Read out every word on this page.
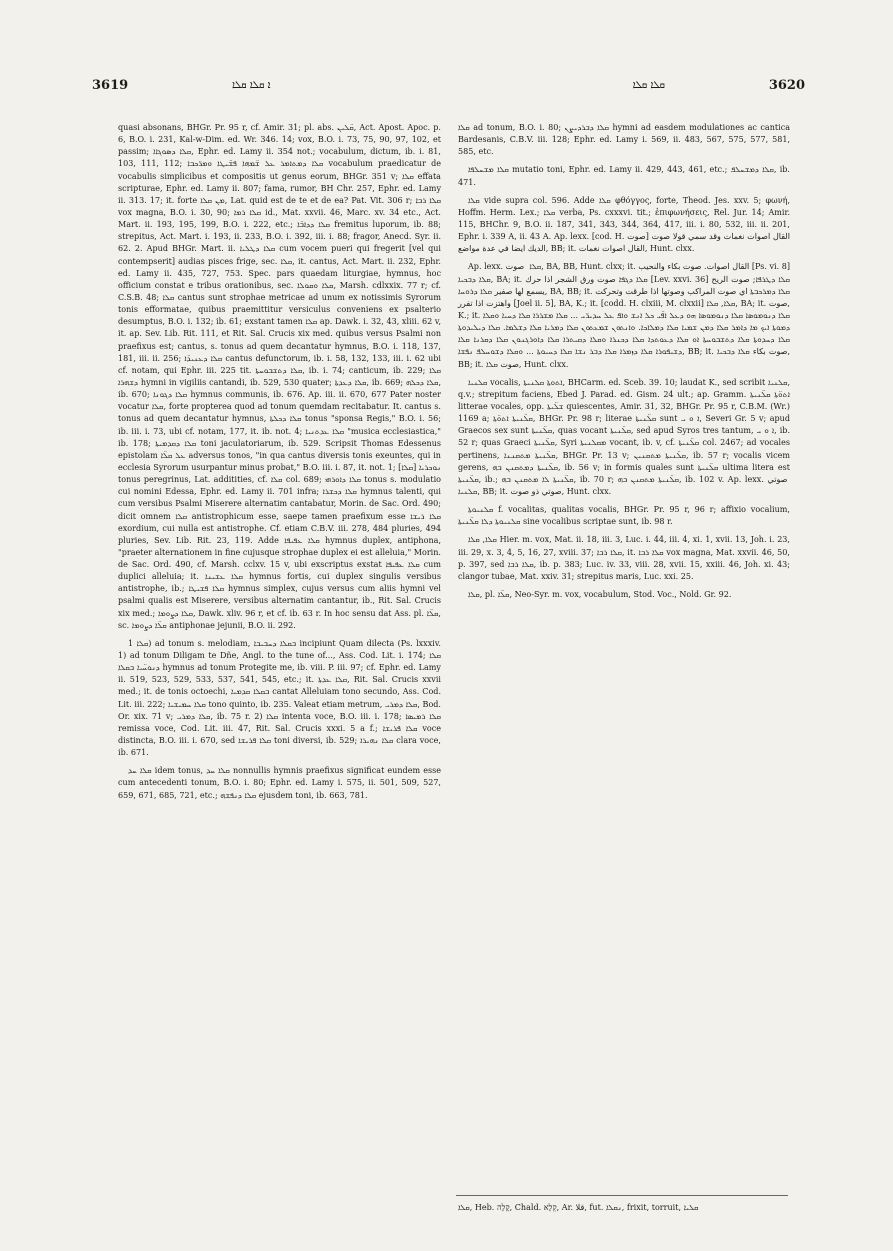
3619	ܐ ܩܠܐ ܩܠܐ	ܩܠܐ ܩܠܐ	3620

quasi absonans, BHGr. Pr. 95 r, cf. Amir. 31; pl. abs. ܩ̈ܠܝܢ, Act. Apost. Apoc. p. 6, B.O. i. 231, Kal-w-Dim. ed. Wr. 346. 14; vox, B.O. i. 73, 75, 90, 97, 102, et passim; ܩܠܐ ܕܣܘܓܐܐ, Ephr. ed. Lamy ii. 354 not.; vocabulum, dictum, ib. i. 81, 103, 111, 112; ܩܠܐ ܕܡܬܐܡܪ ܥܠ ܫ̈ܡܗܐ ܦܫ̈ܝܛܐ ܘܡܪ̈ܟܒܐ vocabulum praedicatur de vocabulis simplicibus et compositis ut genus eorum, BHGr. 351 v; ܩܠܐ effata scripturae, Ephr. ed. Lamy ii. 807; fama, rumor, BH Chr. 257, Ephr. ed. Lamy ii. 313. 17; it. forte ܡܢ ܩܠܐ, Lat. quid est de te et de ea? Pat. Vit. 306 r; ܩܠܐ ܪܒܐ vox magna, B.O. i. 30, 90; ܩܠܐ ܪܡܐ id., Mat. xxvii. 46, Marc. xv. 34 etc., Act. Mart. ii. 193, 195, 199, B.O. i. 222, etc.; ܩܠܐ ܕܕܐܒ̈ܐ fremitus luporum, ib. 88; strepitus, Act. Mart. i. 193, ii. 233, B.O. i. 392, iii. i. 88; fragor, Anecd. Syr. ii. 62. 2. Apud BHGr. Mart. ii. ܩܠܐ ܕܛܠܝܐ cum vocem pueri qui fregerit [vel qui contempserit] audias pisces frige, sec. ܩܠܐ, it. cantus, Act. Mart. ii. 232, Ephr. ed. Lamy ii. 435, 727, 753. Spec. pars quaedam liturgiae, hymnus, hoc officium constat e tribus orationibus, sec. ܩܠܐ ܘܩܘܠܐ, Marsh. cdlxxix. 77 r; cf. C.S.B. 48; ܩܠܐ cantus sunt strophae metricae ad unum ex notissimis Syrorum tonis efformatae, quibus praemittitur versiculus conveniens ex psalterio desumptus, B.O. i. 132; ib. 61; exstant tamen ܩܠܐ ap. Dawk. i. 32, 43, xliii. 62 v, it. ap. Sev. Lib. Rit. 111, et Rit. Sal. Crucis xix med. quibus versus Psalmi non praefixus est; cantus, s. tonus ad quem decantatur hymnus, B.O. i. 118, 137, 181, iii. ii. 256; ܩܠܐ ܕܥܢܝܕ̈ܐ cantus defunctorum, ib. i. 58, 132, 133, iii. i. 62 ubi cf. notam, qui Ephr. iii. 225 tit. ܩܠܐ ܕܬܫܒܘܚܬܐ, ib. i. 74; canticum, ib. 229; ܩܠܐ ܕܫܗܪܐ hymni in vigiliis cantandi, ib. 529, 530 quater; ܩܠܐ ܕܥܕܬܐ, ib. 669; ܩܠܐ ܕܟܠܗ, ib. 670; ܩܠܐ ܕܓܘܢܐ hymnus communis, ib. 676. Ap. iii. ii. 670, 677 Pater noster vocatur ܩܠܐ, forte propterea quod ad tonum quemdam recitabatur. It. cantus s. tonus ad quem decantatur hymnus, ܩܠܐ ܕܟܠܬܐ tonus "sponsa Regis," B.O. i. 56; ib. iii. i. 73, ubi cf. notam, 177, it. ib. not. 4; ܩܠܐ ܥܕܬܢܝܐ "musica ecclesiastica," ib. 178; ܩܠܐ ܕܩܕܡܝܬܐ toni jaculatoriarum, ib. 529. Scripsit Thomas Edessenus epistolam ܥܠ ܩܠ̈ܐ adversus tonos, "in qua cantus diversis tonis exeuntes, qui in ecclesia Syrorum usurpantur minus probat," B.O. iii. i. 87, it. not. 1; [ܩܠܐ] ܢܘܟܪܝܐ tonus peregrinus, Lat. additities, cf. ܩܠܐ col. 689; ܩܠܐ ܕܐܘܪܗܝ tonus s. modulatio cui nomini Edessa, Ephr. ed. Lamy ii. 701 infra; ܩܠܐ ܕܟܫܪܐ hymnus talenti, qui cum versibus Psalmi Miserere alternatim cantabatur, Morin. de Sac. Ord. 490; dicit omnem ܩܠܐ antistrophicum esse, saepe tamen praefixum esse ܩܠܐ ܪܝܫܐ exordium, cui nulla est antistrophe. Cf. etiam C.B.V. iii. 278, 484 pluries, 494 pluries, Sev. Lib. Rit. 23, 119. Adde ܩܠܐ ܥܦܝܦܐ hymnus duplex, antiphona, "praeter alternationem in fine cujusque strophae duplex ei est alleluia," Morin. de Sac. Ord. 490, cf. Marsh. cclxv. 15 v, ubi exscriptus exstat ܩܠܐ ܥܦܝܦܐ cum duplici alleluia; it. ܩܠܐ ܥܫܝܢܐ hymnus fortis, cui duplex singulis versibus antistrophe, ib.; ܩܠܐ ܦܫܝܛܐ hymnus simplex, cujus versus cum aliis hymni vel psalmi qualis est Miserere, versibus alternatim cantantur, ib., Rit. Sal. Crucis xix med.; ܩܠܐ ܕܨܘܡܐ, Dawk. xliv. 96 r, et cf. ib. 63 r. In hoc sensu dat Ass. pl. ܩܠ̈ܐ, sc. ܩܠ̈ܐ ܕܨܘܡܐ antiphonae jejunii, B.O. ii. 292.

ܩܠܐ 1) ad tonum s. melodiam, ܒܩܠܐ ܕܚܒܝܒܐ incipiunt Quam dilecta (Ps. lxxxiv. 1) ad tonum Diligam te Dñe, Angl. to the tune of..., Ass. Cod. Lit. i. 174; ܩܠܐ ܕܢܘܚ̈ܝܐ ܒܩܠܐ hymnus ad tonum Protegite me, ib. viii. P. iii. 97; cf. Ephr. ed. Lamy ii. 519, 523, 529, 533, 537, 541, 545, etc.; it. ܩܠܐ ܥܕܬܐ, Rit. Sal. Crucis xxvii med.; it. de tonis octoechi, ܒܩܠܐ ܩܕܡܝܐ cantat Alleluiam tono secundo, Ass. Cod. Lit. iii. 222; ܩܠܐ ܚܡܝܫܝܐ tono quinto, ib. 235. Valeat etiam metrum, ܩܠܐ ܕܡܪܝ, Bod. Or. xix. 71 v; ܩܠܐ ܕܡܪܝ, ib. 75 r. 2) ܩܠܐ intenta voce, B.O. iii. i. 178; ܩܠܐ ܪܡܝܣܐ remissa voce, Cod. Lit. iii. 47, Rit. Sal. Crucis xxxi. 5 a f.; ܩܠܐ ܦܪܝܫܐ voce distincta, B.O. iii. i. 670, sed ܩܠܐ ܦܪܝܫܐ toni diversi, ib. 529; ܩܠܐ ܢܗܝܪܐ clara voce, ib. 671.

ܩܠܐ ܚܕ idem tonus, ܩܠܐ ܚܕ nonnullis hymnis praefixus significat eundem esse cum antecedenti tonum, B.O. i. 80; Ephr. ed. Lamy i. 575, ii. 501, 509, 527, 659, 671, 685, 721, etc.; ܩܠܐ ܕܢܦܫܗ ejusdem toni, ib. 663, 781.

ܩܠܐ ad tonum, B.O. i. 80; ܩܠܐ ܕܒܪܕܝܨܢ hymni ad easdem modulationes ac cantica Bardesanis, C.B.V. iii. 128; Ephr. ed. Lamy i. 569, ii. 483, 567, 575, 577, 581, 585, etc.

ܩܠܐ ܡܫܚܠܦܐ mutatio toni, Ephr. ed. Lamy ii. 429, 443, 461, etc.; ܩܠܐ ܕܡܫܚܠܦ, ib. 471.

ܩܠܐ vide supra col. 596. Adde ܩܠܐ φθόγγος, forte, Theod. Jes. xxv. 5; φωνή, Hoffm. Herm. Lex.; ܩܠܐ verba, Ps. cxxxvi. tit.; ἐπιφωνήσεις, Rel. Jur. ﻿14; Amir. 115, BHChr. 9, B.O. ii. 187, 341, 343, 344, 364, 417, iii. i. 80, 532, iii. ii. 201, Ephr. i. 339 A, ii. 43 A. Ap. lexx. [cod. H. ﺻﻮﺕ] القال اصوات نغمات وقد سمي قولا صوت الديك ايضا في عدة مواضع, BB; it. القال اصوات نغمات, Hunt. clxx.

Ap. lexx. صوت ‎ ܩܠܐ, BA, BB, Hunt. clxx; it. القال اصوات. صوت بكاء والنحيب [Ps. vi. 8] ܩܠܐ ܕܒܟܝܐ, BA; it. ܩܠܐ ܕܓܦܐ صوت ورق الشجر اذا حرك [Lev. xxvi. 36] ܩܠܐ ܕܛܪܦܐ; صوت الريح يسمع لها صفير ܩܠܐ ܕܪܘܚܐ, BA, BB; it. ܩܠܐ ܕܡܪܟܒܬܐ اي صوت المراكب وصوتها اذا طرقت وتحركت واهتزت اذا تفرر [Joel ii. 5], BA, K.; it. [codd. H. clxiii, M. clxxii] ܩܠܐ, ܩܠܐ, BA; it. صوت, K.; it. ܩܠܐ ܕܢܘܡܘܣܐ ܩܠܐ ܕܢܘܡܘܣܐ ܗܘ ܕܥܠ ܐܦ̈ܝ ܟܠ ܐܢܫ ܘܐܦ ܥܠ ܚܕܝܪ̈ܝ ... ܩܠܐ ܡܫܪܪܐ ܩܠܐ ܕܚܝܐ ܘܩܠܐ ܕܡܘܬܐ ܐܝܟ ܡܐ ܕܐܡܪ ܩܠܐ ܕܡܢ ܫܡܝܐ ܩܠܐ ܕܡܠܐܟܐ. ܘܐܢܬܘܢ ܫܡܥܬܘܢ ܩܠܐ ܕܡܪܝܐ ܩܠܐ ܕܫܠܡܐ. ܩܠܐ ܕܝܠܝܕܘܬܐ ܩܠܐ ܕܚܕܘܬܐ ܩܠܐ ܕܬܫܒܘܚܬܐ ܐܘ ܩܠܐ ܕܥܘܬܕܐ ܩܠܐ ܕܟܢܪܐ ܘܩܠܐ ܕܩܝܬܪܐ ܩܠܐ ܕܐܘܪܓܢܘܢ ܩܠܐ ܕܩܪܢܐ ܩܠܐ ܕܫܝܦܘܪܐ ܩܠܐ ܕܙܡܪܐ ܩܠܐ ܕܒܪ ܢܫܐ ܩܠܐ ܕܚܝܘܬܐ ... ܘܩܠܐ ܕܫܘܚܠܦ ܢܦܫܐ, BB; it. صوت بكاء ܩܠܐ ܕܒܟܝܐ, BB; it. صوت ܩܠܐ, Hunt. clxx.

ܩܠܢܝܐ vocalis, ܐܬܘܬܐ ܩܠܢܝܬܐ, BHCarm. ed. Sceb. 39. 10; laudat K., sed scribit ܩܠܢܝܐ, q.v.; strepitum faciens, Ebed J. Parad. ed. Gism. 24 ult.; ap. Gramm. ܐܬܘ̈ܬܐ ܩܠ̈ܢܝܬܐ litterae vocales, opp. ܫܠ̈ܝܬܐ quiescentes, Amir. 31, 32, BHGr. Pr. 95 r, C.B.M. (Wr.) 1169 a; ܩܠ̈ܢܝܬܐ ܐܬܘ̈ܬܐ, BHGr. Pr. 98 r; literae ܩܠ̈ܢܝܬܐ sunt ܐ ܘ ܝ, Severi Gr. 5 v; apud Graecos sex sunt ܩܠ̈ܢܝܬܐ, quas vocant ܩܠ̈ܢܝܬܐ, sed apud Syros tres tantum, ܐ ܘ ܝ, ib. 52 r; quas Graeci ܩܠ̈ܢܝܬܐ, Syri ܡܩܠܢܝܬܐ vocant, ib. v, cf. ܩܠ̈ܢܝܬܐ col. 2467; ad vocales pertinens, ܩܠ̈ܢܝܬܐ ܡܬܩܢܢܐ, BHGr. Pr. 13 v; ܩܠ̈ܢܝܬܐ ܡܬܩܢܝܢ, ib. 57 r; vocalis vicem gerens, ܩܠ̈ܢܝܬܐ ܕܡܬܩܢܢ ܒܗ, ib. 56 v; in formis quales sunt ܩܠ̈ܢܝܬܐ ultima litera est ܩܠ̈ܢܝܬܐ, ib.; ܩܠ̈ܢܝܬܐ ܠܐ ܡܬܩܢܢ ܒܗ, ib. 70 r; ܩܠ̈ܢܝܬܐ ܡܬܩܢܢ ܒܗ, ib. 102 v. Ap. lexx. صوتي ‎ ܩܠܢܝܐ, BB; it. صوتي ذو صوت, Hunt. clxx.

ܩܠܢܝܘܬܐ f. vocalitas, qualitas vocalis, BHGr. Pr. 95 r, 96 r; affixio vocalium, ܩܠܢܝܘܬܐ ܕܠܐ ܩܠ̈ܢܝܬܐ sine vocalibus scriptae sunt, ib. 98 r.

ܩܠܐ, ܩܠܐ Hier. m. vox, Mat. ii. 18, iii. 3, Luc. i. 44, iii. 4, xi. 1, xvii. 13, Joh. i. 23, iii. 29, x. 3, 4, 5, 16, 27, xviii. 37; ܩܠܐ ܪܒܐ, it. ܩܠܐ ܪܒܐ vox magna, Mat. xxvii. 46, 50, p. 397, sed ܩܠܐ ܪܒܐ, ib. p. 383; Luc. iv. 33, viii. 28, xvii. 15, xxiii. 46, Joh. xi. 43; clangor tubae, Mat. xxiv. 31; strepitus maris, Luc. xxi. 25.

ܩܠܐ, pl. ܩܠ̈ܐ, Neo-Syr. m. vox, vocabulum, Stod. Voc., Nold. Gr. 92.

ܩܠܐ, Heb. קָלָה, Chald. קְלָא, Ar. قلا, fut. ܢܩܠܐ, frixit, torruit, ܩܠܝܐ
